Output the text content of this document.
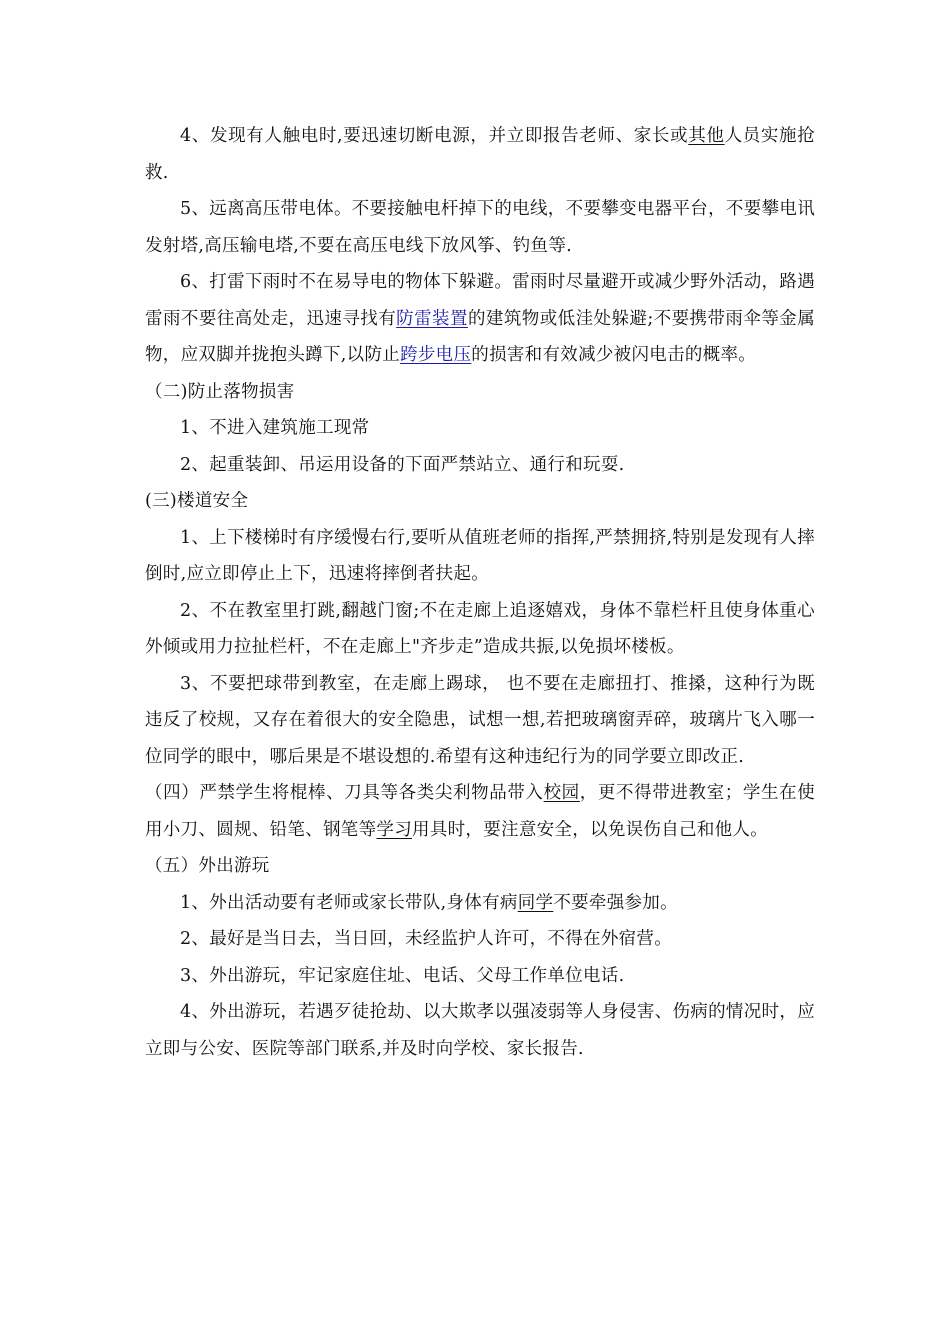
4、发现有人触电时,要迅速切断电源，并立即报告老师、家长或其他人员实施抢救.

5、远离高压带电体。不要接触电杆掉下的电线，不要攀变电器平台，不要攀电讯发射塔,高压输电塔,不要在高压电线下放风筝、钓鱼等.

6、打雷下雨时不在易导电的物体下躲避。雷雨时尽量避开或减少野外活动，路遇雷雨不要往高处走，迅速寻找有防雷装置的建筑物或低洼处躲避;不要携带雨伞等金属物，应双脚并拢抱头蹲下,以防止跨步电压的损害和有效减少被闪电击的概率。

（二)防止落物损害

1、不进入建筑施工现常

2、起重装卸、吊运用设备的下面严禁站立、通行和玩耍.

(三)楼道安全

1、上下楼梯时有序缓慢右行,要听从值班老师的指挥,严禁拥挤,特别是发现有人摔倒时,应立即停止上下，迅速将摔倒者扶起。

2、不在教室里打跳,翻越门窗;不在走廊上追逐嬉戏，身体不靠栏杆且使身体重心外倾或用力拉扯栏杆，不在走廊上"齐步走”造成共振,以免损坏楼板。

3、不要把球带到教室，在走廊上踢球， 也不要在走廊扭打、推搡，这种行为既违反了校规，又存在着很大的安全隐患，试想一想,若把玻璃窗弄碎，玻璃片飞入哪一位同学的眼中，哪后果是不堪设想的.希望有这种违纪行为的同学要立即改正.

（四）严禁学生将棍棒、刀具等各类尖利物品带入校园，更不得带进教室；学生在使用小刀、圆规、铅笔、钢笔等学习用具时，要注意安全，以免误伤自己和他人。

（五）外出游玩

1、外出活动要有老师或家长带队,身体有病同学不要牵强参加。

2、最好是当日去，当日回，未经监护人许可，不得在外宿营。

3、外出游玩，牢记家庭住址、电话、父母工作单位电话.

4、外出游玩，若遇歹徒抢劫、以大欺孝以强凌弱等人身侵害、伤病的情况时，应立即与公安、医院等部门联系,并及时向学校、家长报告.
